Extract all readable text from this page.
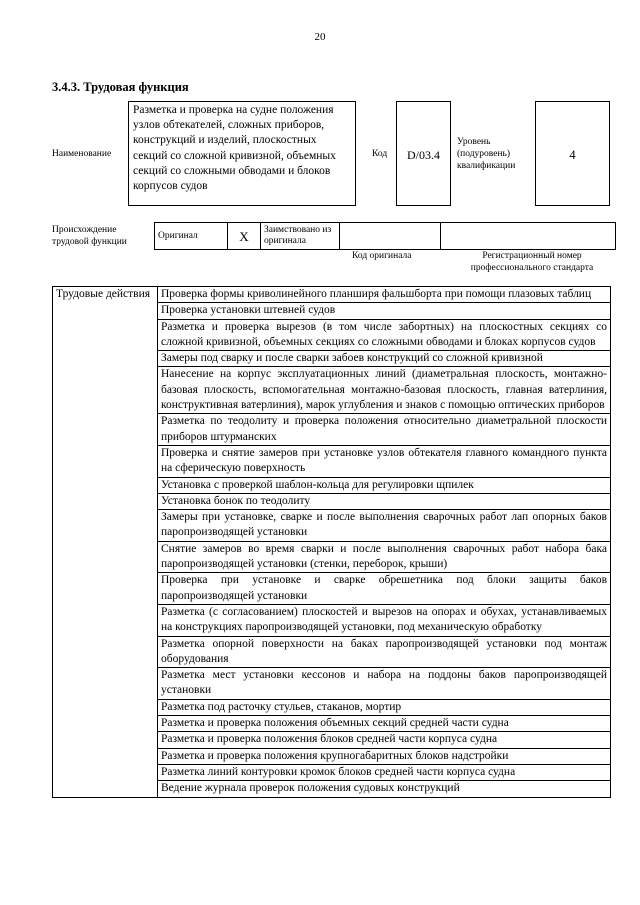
20
3.4.3. Трудовая функция
Наименование
Разметка и проверка на судне положения узлов обтекателей, сложных приборов, конструкций и изделий, плоскостных секций со сложной кривизной, объемных секций со сложными обводами и блоков корпусов судов
Код	D/03.4
Уровень (подуровень) квалификации
4
Происхождение трудовой функции
Оригинал	X	Заимствовано из оригинала		
Код оригинала	Регистрационный номер профессионального стандарта
Трудовые действия	Проверка формы криволинейного планширя фальшборта при помощи плазовых таблиц
Проверка установки штевней судов
Разметка и проверка вырезов (в том числе забортных) на плоскостных секциях со сложной кривизной, объемных секциях со сложными обводами и блоках корпусов судов
Замеры под сварку и после сварки забоев конструкций со сложной кривизной
Нанесение на корпус эксплуатационных линий (диаметральная плоскость, монтажно-базовая плоскость, вспомогательная монтажно-базовая плоскость, главная ватерлиния, конструктивная ватерлиния), марок углубления и знаков с помощью оптических приборов
Разметка по теодолиту и проверка положения относительно диаметральной плоскости приборов штурманских
Проверка и снятие замеров при установке узлов обтекателя главного командного пункта на сферическую поверхность
Установка с проверкой шаблон-кольца для регулировки щпилек
Установка бонок по теодолиту
Замеры при установке, сварке и после выполнения сварочных работ лап опорных баков паропроизводящей установки
Снятие замеров во время сварки и после выполнения сварочных работ набора бака паропроизводящей установки (стенки, переборок, крыши)
Проверка при установке и сварке обрешетника под блоки защиты баков паропроизводящей установки
Разметка (с согласованием) плоскостей и вырезов на опорах и обухах, устанавливаемых на конструкциях паропроизводящей установки, под механическую обработку
Разметка опорной поверхности на баках паропроизводящей установки под монтаж оборудования
Разметка мест установки кессонов и набора на поддоны баков паропроизводящей установки
Разметка под расточку стульев, стаканов, мортир
Разметка и проверка положения объемных секций средней части судна
Разметка и проверка положения блоков средней части корпуса судна
Разметка и проверка положения крупногабаритных блоков надстройки
Разметка линий контуровки кромок блоков средней части корпуса судна
Ведение журнала проверок положения судовых конструкций
